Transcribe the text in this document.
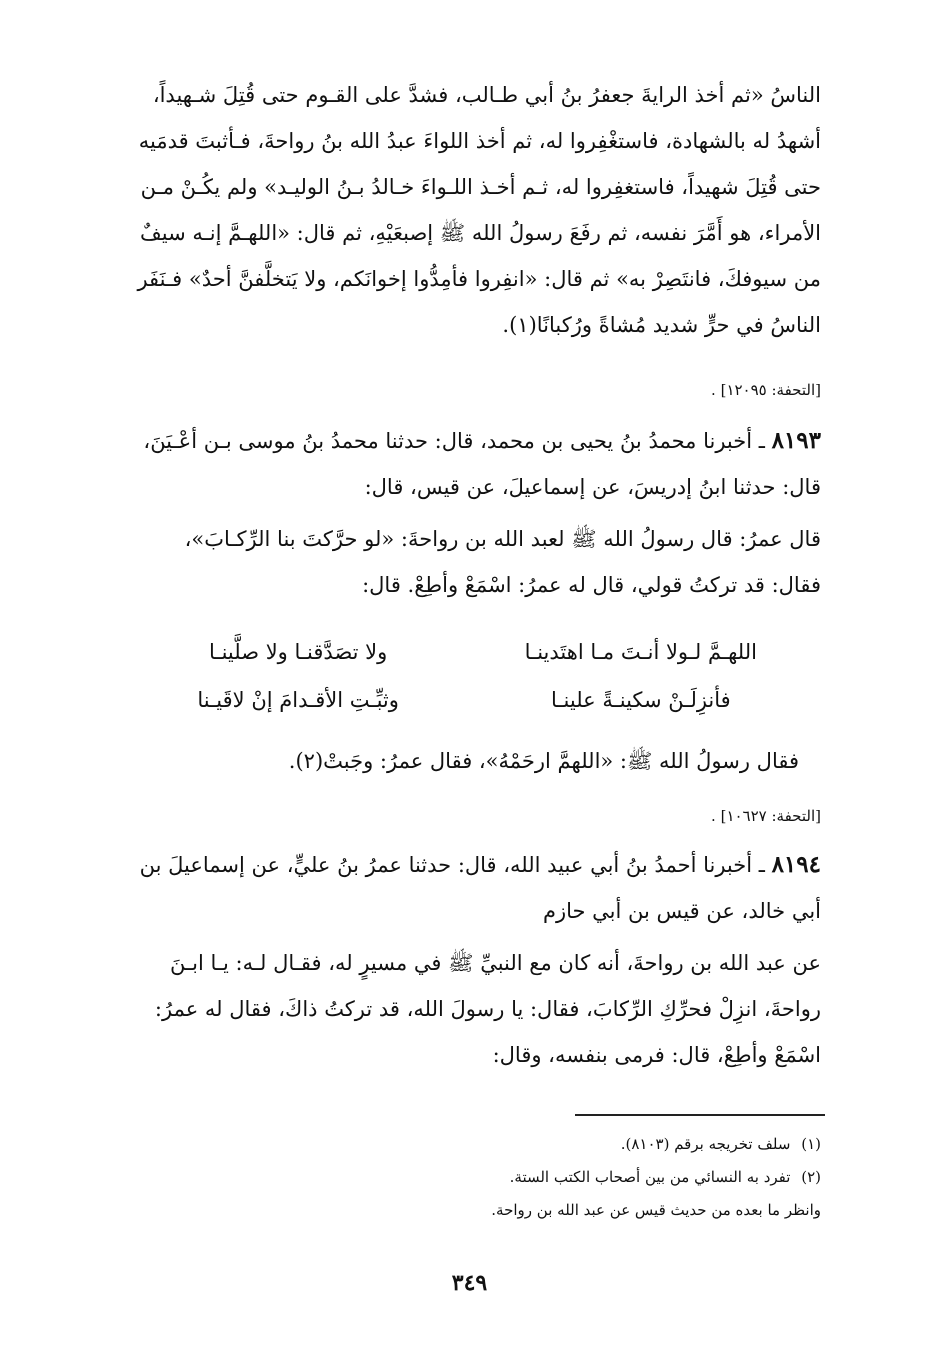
الناسُ «ثم أخذ الرايةَ جعفرُ بنُ أبي طـالب، فشدَّ على القـوم حتى قُتِلَ شـهيداً،
أشهدُ له بالشهادة، فاستغْفِروا له، ثم أخذ اللواءَ عبدُ الله بنُ رواحةَ، فـأثبتَ قدمَيه
حتى قُتِلَ شهيداً، فاستغفِروا له، ثـم أخـذ اللـواءَ خـالدُ بـنُ الوليـد» ولم يكُـنْ مـن
الأمراء، هو أَمَّرَ نفسه، ثم رفَعَ رسولُ الله ﷺ إصبعَيْهِ، ثم قال: «اللهـمَّ إنـه سيفٌ
من سيوفكَ، فانتَصِرْ به» ثم قال: «انفِروا فأمِدُّوا إخوانَكم، ولا يَتخلَّفنَّ أحدٌ» فـنَفَر
الناسُ في حرٍّ شديد مُشاةً ورُكبانًا(١).
[التحفة: ١٢٠٩٥] .
٨١٩٣ ـ أخبرنا محمدُ بنُ يحيى بن محمد، قال: حدثنا محمدُ بنُ موسى بـن أعْـيَنَ،
قال: حدثنا ابنُ إدريسَ، عن إسماعيلَ، عن قيس، قال:
قال عمرُ: قال رسولُ الله ﷺ لعبد الله بن رواحةَ: «لو حرَّكتَ بنا الرِّكـابَ»،
فقال: قد تركتُ قولي، قال له عمرُ: اسْمَعْ وأطِعْ. قال:
اللهـمَّ لـولا أنـتَ مـا اهتَدينـا
ولا تصَدَّقنـا ولا صلَّينـا
فأنزِلَـنْ سكينـةً علينـا
وثبِّـتِ الأقـدامَ إنْ لاقَيـنا
فقال رسولُ الله ﷺ: «اللهمَّ ارحَمْهُ»، فقال عمرُ: وجَبتْ(٢).
[التحفة: ١٠٦٢٧] .
٨١٩٤ ـ أخبرنا أحمدُ بنُ أبي عبيد الله، قال: حدثنا عمرُ بنُ عليٍّ، عن إسماعيلَ بن
أبي خالد، عن قيس بن أبي حازم
عن عبد الله بن رواحةَ، أنه كان مع النبيِّ ﷺ في مسيرٍ له، فقـال لـه: يـا ابـنَ
رواحةَ، انزِلْ فحرِّكِ الرِّكابَ، فقال: يا رسولَ الله، قد تركتُ ذاكَ، فقال له عمرُ:
اسْمَعْ وأطِعْ، قال: فرمى بنفسه، وقال:
(١) سلف تخريجه برقم (٨١٠٣).
(٢) تفرد به النسائي من بين أصحاب الكتب الستة.
وانظر ما بعده من حديث قيس عن عبد الله بن رواحة.
٣٤٩
